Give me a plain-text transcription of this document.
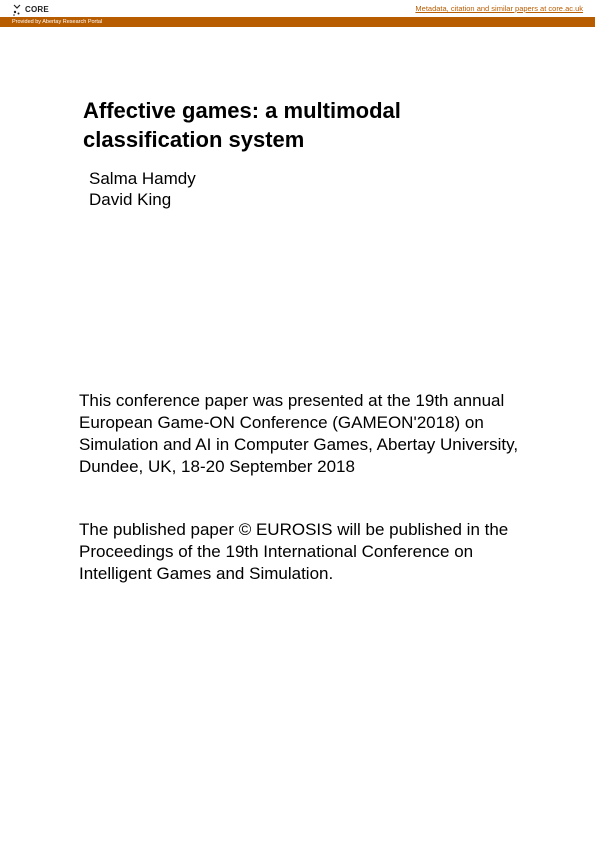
CORE	Metadata, citation and similar papers at core.ac.uk
Provided by Abertay Research Portal
Affective games: a multimodal classification system
Salma Hamdy
David King

This conference paper was presented at the 19th annual European Game-ON Conference (GAMEON'2018) on Simulation and AI in Computer Games, Abertay University, Dundee, UK, 18-20 September 2018

The published paper © EUROSIS will be published in the Proceedings of the 19th International Conference on Intelligent Games and Simulation.
